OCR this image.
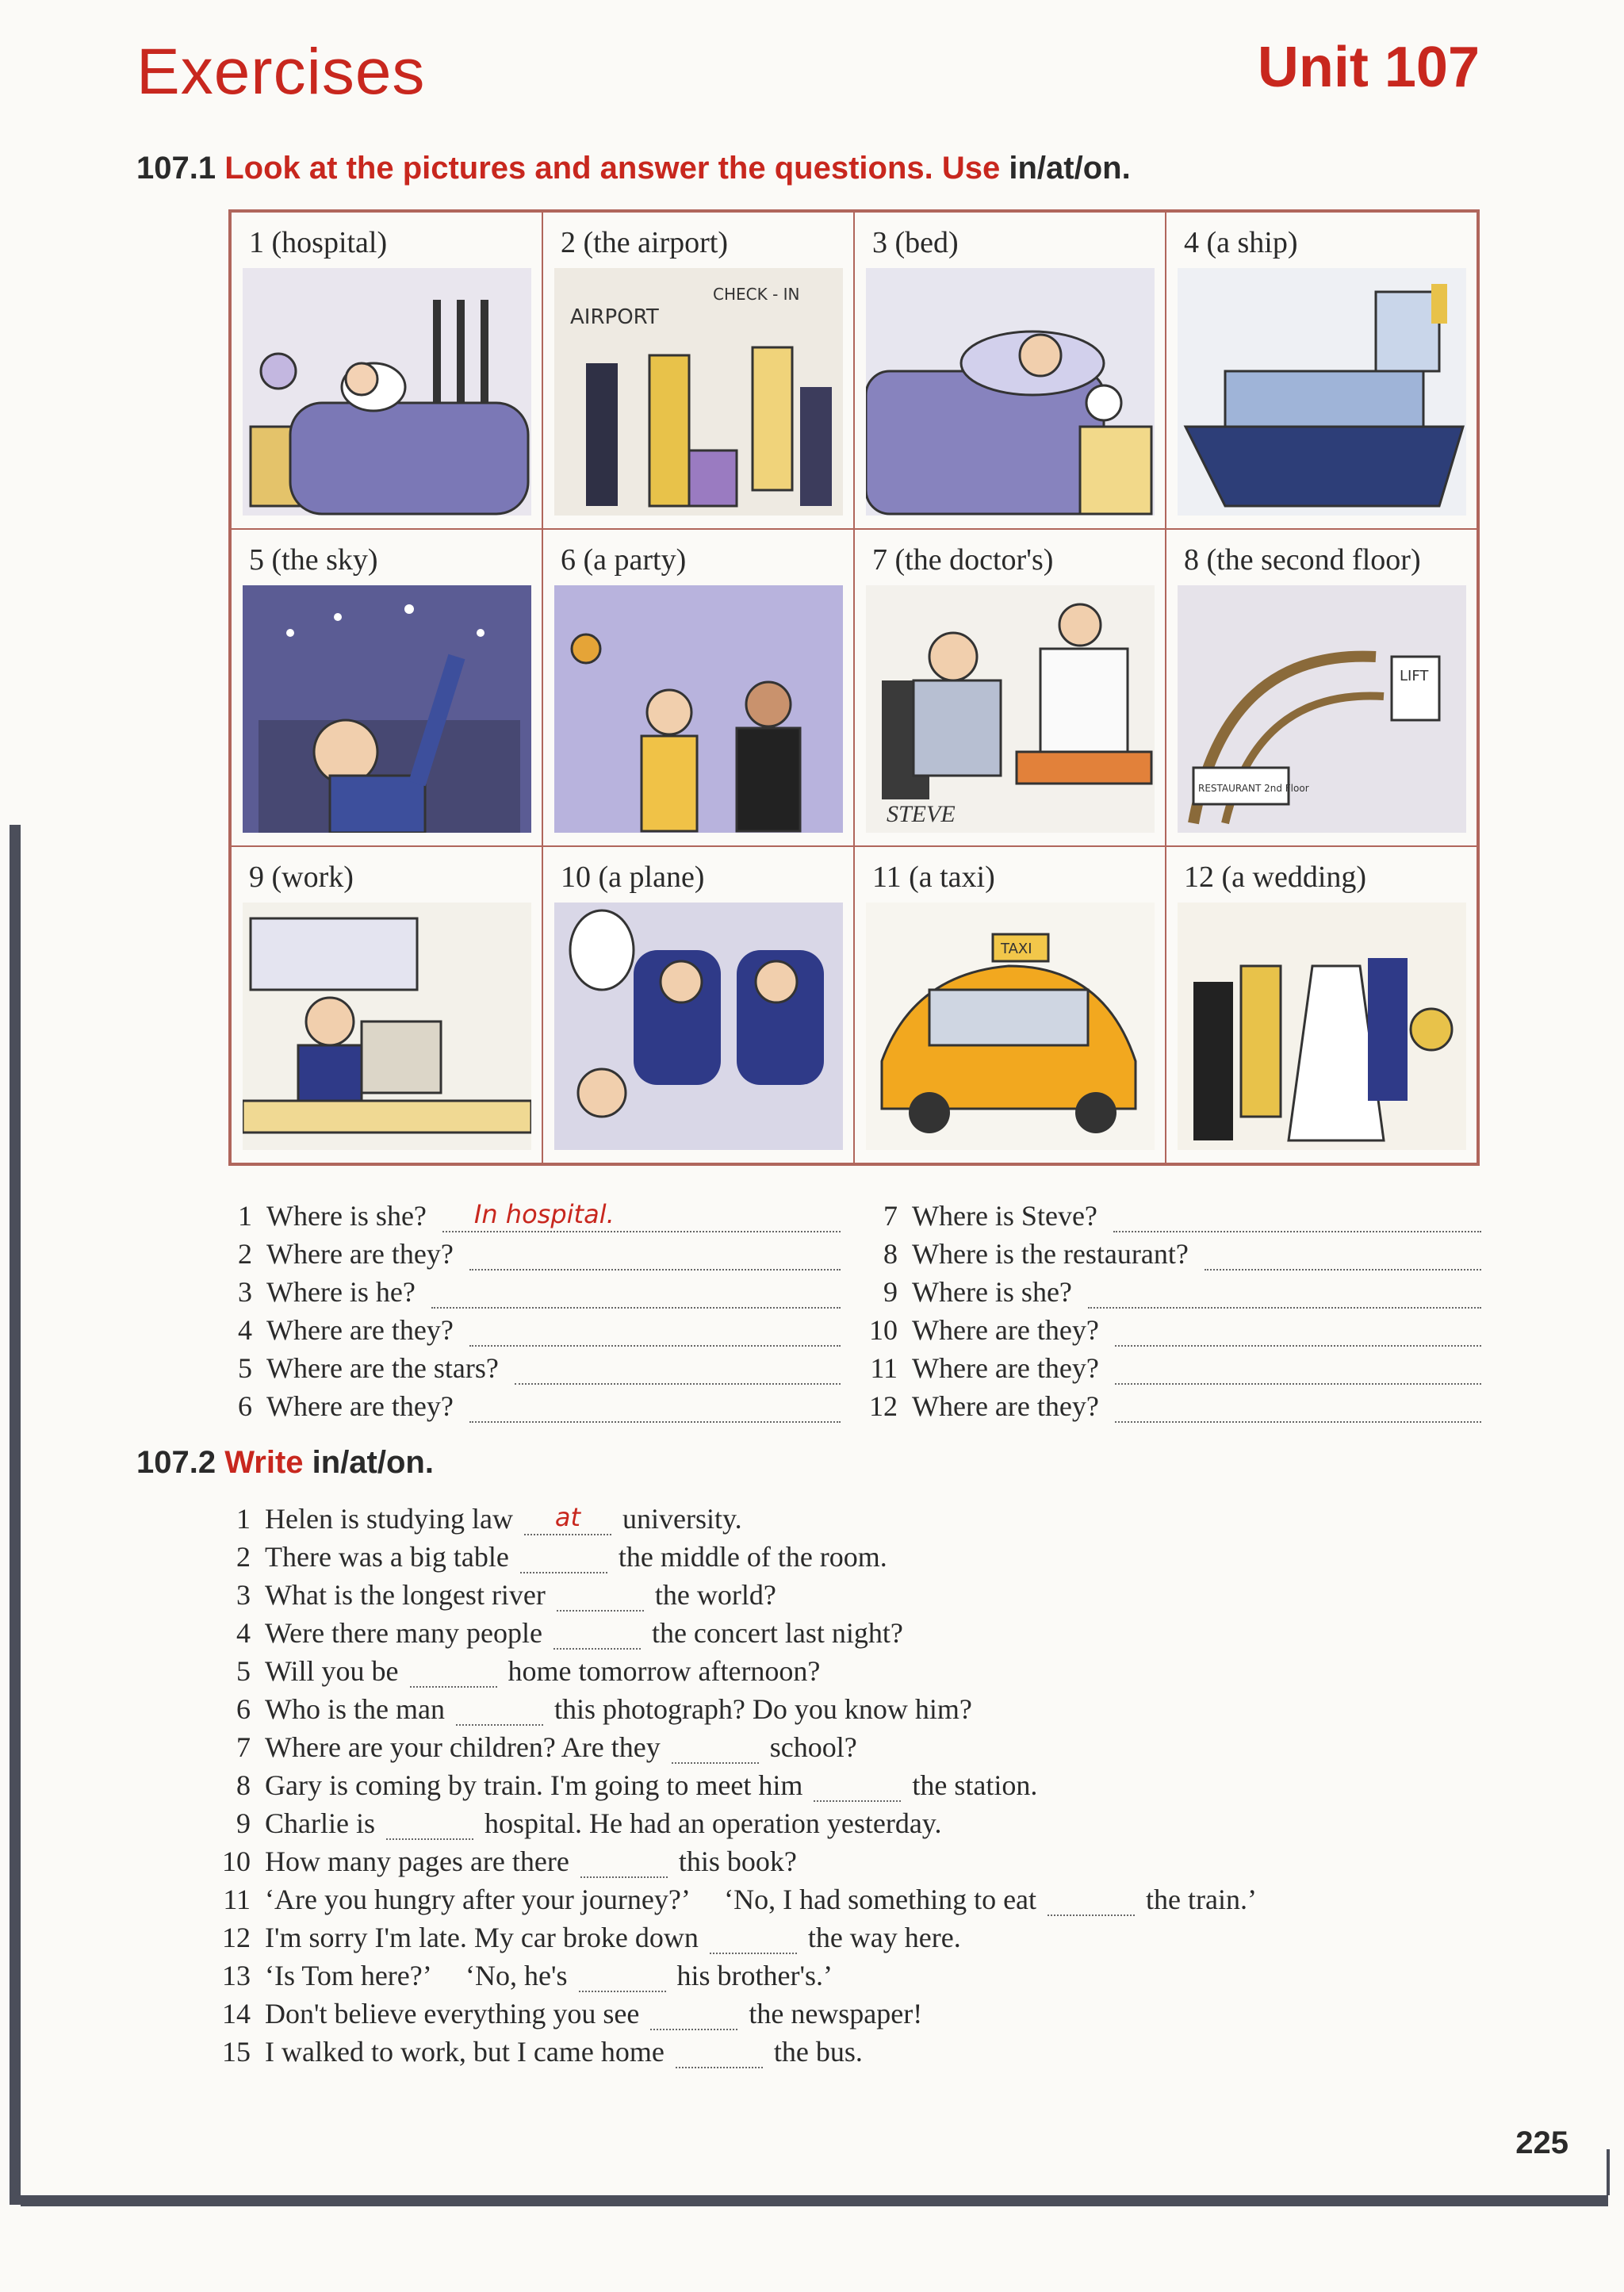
Exercises	Unit 107
107.1 Look at the pictures and answer the questions. Use in/at/on.
1 (hospital)	2 (the airport)
AIRPORT
CHECK - IN
3 (bed)	4 (a ship)
5 (the sky)	6 (a party)	7 (the doctor's)
STEVE
8 (the second floor)
LIFT
RESTAURANT 2nd Floor
9 (work)	10 (a plane)	11 (a taxi)
TAXI
12 (a wedding)
1 Where is she? In hospital.
2 Where are they?
3 Where is he?
4 Where are they?
5 Where are the stars?
6 Where are they?
7 Where is Steve?
8 Where is the restaurant?
9 Where is she?
10 Where are they?
11 Where are they?
12 Where are they?
107.2 Write in/at/on.
1 Helen is studying law	at	university.
2 There was a big table	the middle of the room.
3 What is the longest river	the world?
4 Were there many people	the concert last night?
5 Will you be	home tomorrow afternoon?
6 Who is the man	this photograph? Do you know him?
7 Where are your children? Are they	school?
8 Gary is coming by train. I'm going to meet him	the station.
9 Charlie is	hospital. He had an operation yesterday.
10 How many pages are there	this book?
11 ‘Are you hungry after your journey?’     ‘No, I had something to eat	the train.’
12 I'm sorry I'm late. My car broke down	the way here.
13 ‘Is Tom here?’     ‘No, he's	his brother's.’
14 Don't believe everything you see	the newspaper!
15 I walked to work, but I came home	the bus.
225
